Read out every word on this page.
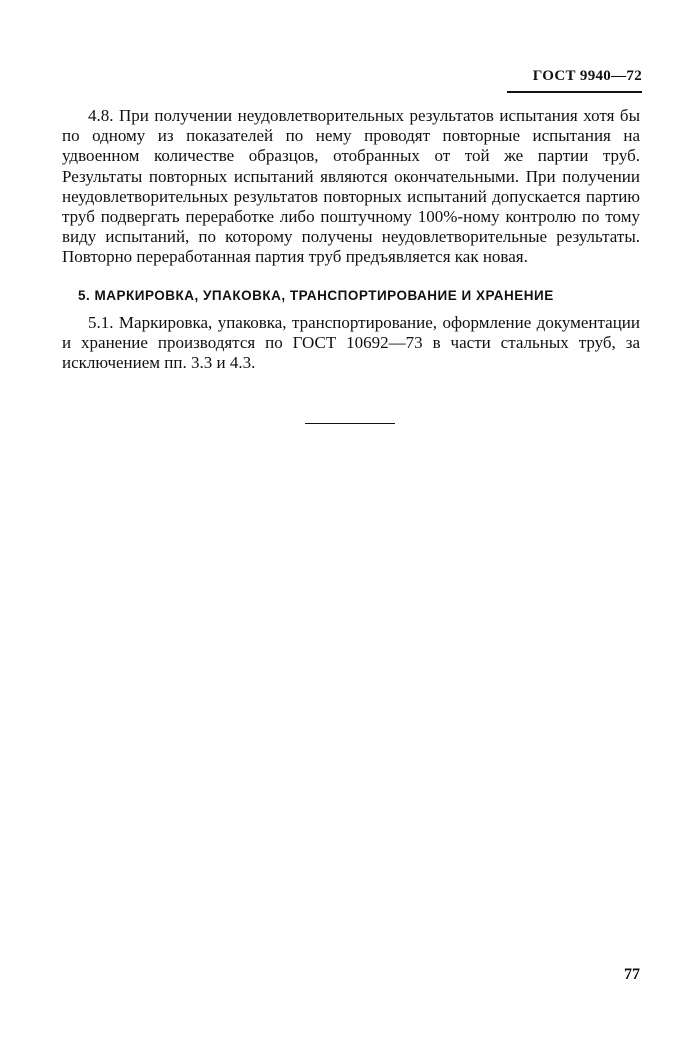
ГОСТ 9940—72

4.8. При получении неудовлетворительных результатов испытания хотя бы по одному из показателей по нему проводят повторные испытания на удвоенном количестве образцов, отобранных от той же партии труб. Результаты повторных испытаний являются окончательными. При получении неудовлетворительных результатов повторных испытаний допускается партию труб подвергать переработке либо поштучному 100%-ному контролю по тому виду испытаний, по которому получены неудовлетворительные результаты. Повторно переработанная партия труб предъявляется как новая.

5. МАРКИРОВКА, УПАКОВКА, ТРАНСПОРТИРОВАНИЕ И ХРАНЕНИЕ

5.1. Маркировка, упаковка, транспортирование, оформление документации и хранение производятся по ГОСТ 10692—73 в части стальных труб, за исключением пп. 3.3 и 4.3.

77
